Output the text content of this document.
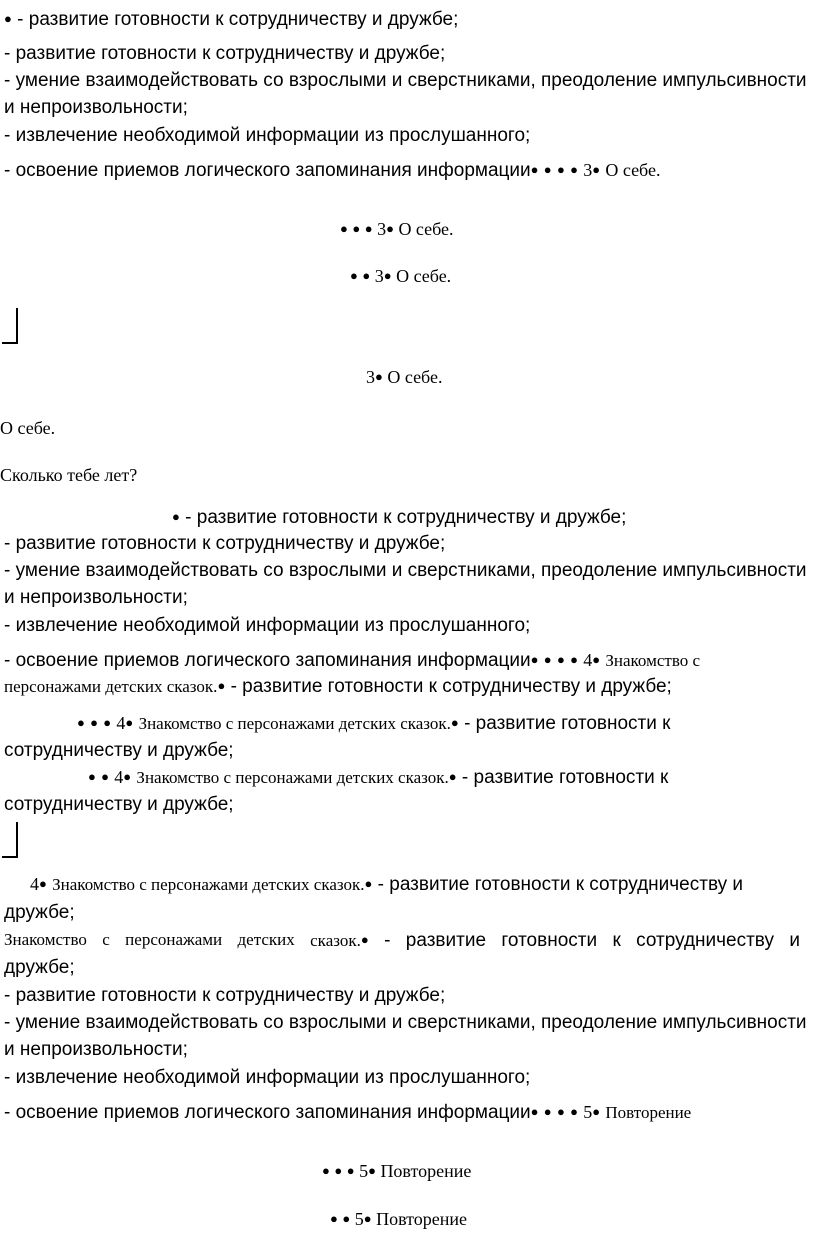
● - развитие готовности к сотрудничеству и дружбе;
- развитие готовности к сотрудничеству и дружбе;
- умение взаимодействовать со взрослыми и сверстниками, преодоление импульсивности
и непроизвольности;
- извлечение необходимой информации из прослушанного;
- освоение приемов логического запоминания информации● ● ● ● 3● О себе.
● ● ● 3● О себе.
● ● 3● О себе.
3● О себе.
О себе.
Сколько тебе лет?
● - развитие готовности к сотрудничеству и дружбе;
- развитие готовности к сотрудничеству и дружбе;
- умение взаимодействовать со взрослыми и сверстниками, преодоление импульсивности
и непроизвольности;
- извлечение необходимой информации из прослушанного;
- освоение приемов логического запоминания информации● ● ● ● 4● Знакомство с
персонажами детских сказок.● - развитие готовности к сотрудничеству и дружбе;
● ● ● 4● Знакомство с персонажами детских сказок.● - развитие готовности к
сотрудничеству и дружбе;
● ● 4● Знакомство с персонажами детских сказок.● - развитие готовности к
сотрудничеству и дружбе;
4● Знакомство с персонажами детских сказок.● - развитие готовности к сотрудничеству и
дружбе;
Знакомство с персонажами детских сказок.● - развитие готовности к сотрудничеству и
дружбе;
- развитие готовности к сотрудничеству и дружбе;
- умение взаимодействовать со взрослыми и сверстниками, преодоление импульсивности
и непроизвольности;
- извлечение необходимой информации из прослушанного;
- освоение приемов логического запоминания информации● ● ● ● 5● Повторение
● ● ● 5● Повторение
● ● 5● Повторение
